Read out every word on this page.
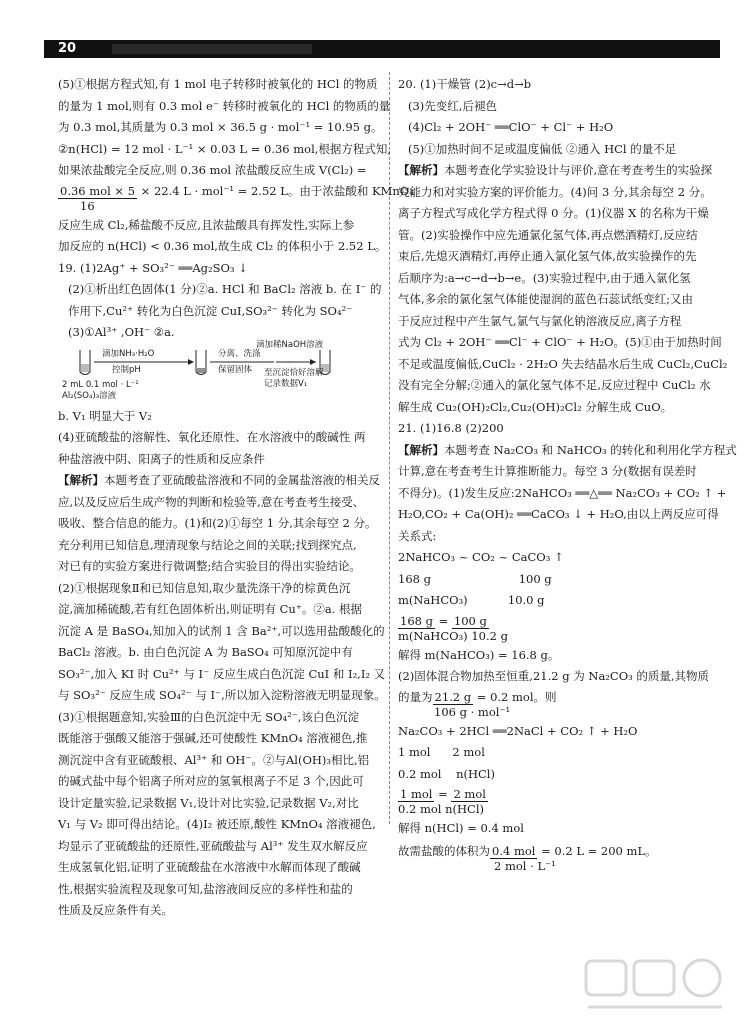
20
(5)①根据方程式知,有 1 mol 电子转移时被氧化的 HCl 的物质
的量为 1 mol,则有 0.3 mol e⁻ 转移时被氧化的 HCl 的物质的量
为 0.3 mol,其质量为 0.3 mol × 36.5 g · mol⁻¹ = 10.95 g。
②n(HCl) = 12 mol · L⁻¹ × 0.03 L = 0.36 mol,根据方程式知,
如果浓盐酸完全反应,则 0.36 mol 浓盐酸反应生成 V(Cl₂) =
0.36 mol × 5 × 22.4 L · mol⁻¹ = 2.52 L。由于浓盐酸和 KMnO₄
16
反应生成 Cl₂,稀盐酸不反应,且浓盐酸具有挥发性,实际上参
加反应的 n(HCl) < 0.36 mol,故生成 Cl₂ 的体积小于 2.52 L。
19. (1)2Ag⁺ + SO₃²⁻ ══Ag₂SO₃ ↓
(2)①析出红色固体(1 分)②a. HCl 和 BaCl₂ 溶液 b. 在 I⁻ 的
作用下,Cu²⁺ 转化为白色沉淀 CuI,SO₃²⁻ 转化为 SO₄²⁻
(3)①Al³⁺ ,OH⁻ ②a.
滴加NH₃·H₂O
控制pH
分离、洗涤
保留固体
滴加稀NaOH溶液
至沉淀恰好溶解
记录数据V₁
2 mL 0.1 mol · L⁻¹
Al₂(SO₄)₃溶液
b. V₁ 明显大于 V₂
(4)亚硫酸盐的溶解性、氧化还原性、在水溶液中的酸碱性 两
种盐溶液中阴、阳离子的性质和反应条件
【解析】本题考查了亚硫酸盐溶液和不同的金属盐溶液的相关反
应,以及反应后生成产物的判断和检验等,意在考查考生接受、
吸收、整合信息的能力。(1)和(2)①每空 1 分,其余每空 2 分。
充分利用已知信息,理清现象与结论之间的关联;找到探究点,
对已有的实验方案进行微调整;结合实验目的得出实验结论。
(2)①根据现象Ⅱ和已知信息知,取少量洗涤干净的棕黄色沉
淀,滴加稀硫酸,若有红色固体析出,则证明有 Cu⁺。②a. 根据
沉淀 A 是 BaSO₄,知加入的试剂 1 含 Ba²⁺,可以选用盐酸酸化的
BaCl₂ 溶液。b. 由白色沉淀 A 为 BaSO₄ 可知原沉淀中有
SO₃²⁻,加入 KI 时 Cu²⁺ 与 I⁻ 反应生成白色沉淀 CuI 和 I₂,I₂ 又
与 SO₃²⁻ 反应生成 SO₄²⁻ 与 I⁻,所以加入淀粉溶液无明显现象。
(3)①根据题意知,实验Ⅲ的白色沉淀中无 SO₄²⁻,该白色沉淀
既能溶于强酸又能溶于强碱,还可使酸性 KMnO₄ 溶液褪色,推
测沉淀中含有亚硫酸根、Al³⁺ 和 OH⁻。②与Al(OH)₃相比,铝
的碱式盐中每个铝离子所对应的氢氧根离子不足 3 个,因此可
设计定量实验,记录数据 V₁,设计对比实验,记录数据 V₂,对比
V₁ 与 V₂ 即可得出结论。(4)I₂ 被还原,酸性 KMnO₄ 溶液褪色,
均显示了亚硫酸盐的还原性,亚硫酸盐与 Al³⁺ 发生双水解反应
生成氢氧化铝,证明了亚硫酸盐在水溶液中水解而体现了酸碱
性,根据实验流程及现象可知,盐溶液间反应的多样性和盐的
性质及反应条件有关。
20. (1)干燥管 (2)c→d→b
(3)先变红,后褪色
(4)Cl₂ + 2OH⁻ ══ClO⁻ + Cl⁻ + H₂O
(5)①加热时间不足或温度偏低 ②通入 HCl 的量不足
【解析】本题考查化学实验设计与评价,意在考查考生的实验探
究能力和对实验方案的评价能力。(4)问 3 分,其余每空 2 分。
离子方程式写成化学方程式得 0 分。(1)仪器 X 的名称为干燥
管。(2)实验操作中应先通氯化氢气体,再点燃酒精灯,反应结
束后,先熄灭酒精灯,再停止通入氯化氢气体,故实验操作的先
后顺序为:a→c→d→b→e。(3)实验过程中,由于通入氯化氢
气体,多余的氯化氢气体能使湿润的蓝色石蕊试纸变红;又由
于反应过程中产生氯气,氯气与氯化钠溶液反应,离子方程
式为 Cl₂ + 2OH⁻ ══Cl⁻ + ClO⁻ + H₂O。(5)①由于加热时间
不足或温度偏低,CuCl₂ · 2H₂O 失去结晶水后生成 CuCl₂,CuCl₂
没有完全分解;②通入的氯化氢气体不足,反应过程中 CuCl₂ 水
解生成 Cu₂(OH)₂Cl₂,Cu₂(OH)₂Cl₂ 分解生成 CuO。
21. (1)16.8 (2)200
【解析】本题考查 Na₂CO₃ 和 NaHCO₃ 的转化和利用化学方程式
计算,意在考查考生计算推断能力。每空 3 分(数据有误差时
不得分)。(1)发生反应:2NaHCO₃ ══△══ Na₂CO₃ + CO₂ ↑ +
H₂O,CO₂ + Ca(OH)₂ ══CaCO₃ ↓ + H₂O,由以上两反应可得
关系式:
2NaHCO₃ ~ CO₂ ~ CaCO₃ ↑
168 g                        100 g
m(NaHCO₃)           10.0 g
168 g = 100 g
m(NaHCO₃) 10.2 g
解得 m(NaHCO₃) = 16.8 g。
(2)固体混合物加热至恒重,21.2 g 为 Na₂CO₃ 的质量,其物质
的量为 21.2 g = 0.2 mol。则
106 g · mol⁻¹
Na₂CO₃ + 2HCl ══2NaCl + CO₂ ↑ + H₂O
1 mol      2 mol
0.2 mol    n(HCl)
1 mol = 2 mol
0.2 mol n(HCl)
解得 n(HCl) = 0.4 mol
故需盐酸的体积为 0.4 mol = 0.2 L = 200 mL。
2 mol · L⁻¹
